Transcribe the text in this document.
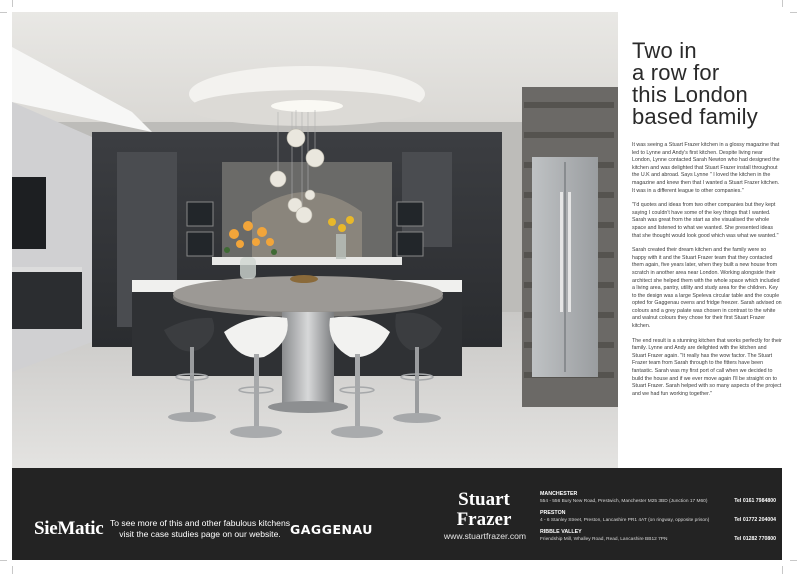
Two in
a row for
this London
based family

It was seeing a Stuart Frazer kitchen in a glossy magazine that led to Lynne and Andy's first kitchen. Despite living near London, Lynne contacted Sarah Newton who had designed the kitchen and was delighted that Stuart Frazer install throughout the U.K and abroad. Says Lynne " I loved the kitchen in the magazine and knew then that I wanted a Stuart Frazer kitchen. It was in a different league to other companies."

"I'd quotes and ideas from two other companies but they kept saying I couldn't have some of the key things that I wanted. Sarah was great from the start as she visualised the whole space and listened to what we wanted. She presented ideas that she thought would look good which was what we wanted."

Sarah created their dream kitchen and the family were so happy with it and the Stuart Frazer team that they contacted them again, five years later, when they built a new house from scratch in another area near London. Working alongside their architect she helped them with the whole space which included a living area, pantry, utility and study area for the children. Key to the design was a large Speleva circular table and the couple opted for Gaggenau ovens and fridge freezer. Sarah advised on colours and a grey palate was chosen in contrast to the white and walnut colours they chose for their first Stuart Frazer kitchen.

The end result is a stunning kitchen that works perfectly for their family. Lynne and Andy are delighted with the kitchen and Stuart Frazer again. "It really has the wow factor. The Stuart Frazer team from Sarah through to the fitters have been fantastic. Sarah was my first port of call when we decided to build the house and if we ever move again I'll be straight on to Stuart Frazer. Sarah helped with so many aspects of the project and we had fun working together."

SieMatic To see more of this and other fabulous kitchens
visit the case studies page on our website. GAGGENAU
Stuart
Frazer
www.stuartfrazer.com
MANCHESTER
554 - 556 Bury New Road, Prestwich, Manchester M25 3BD (Junction 17 M60)	Tel 0161 7984800
PRESTON
4 - 6 Stanley Street, Preston, Lancashire PR1 4AT (on ringway, opposite prison)	Tel 01772 204004
RIBBLE VALLEY
Friendship Mill, Whalley Road, Read, Lancashire BB12 7PN	Tel 01282 770800
